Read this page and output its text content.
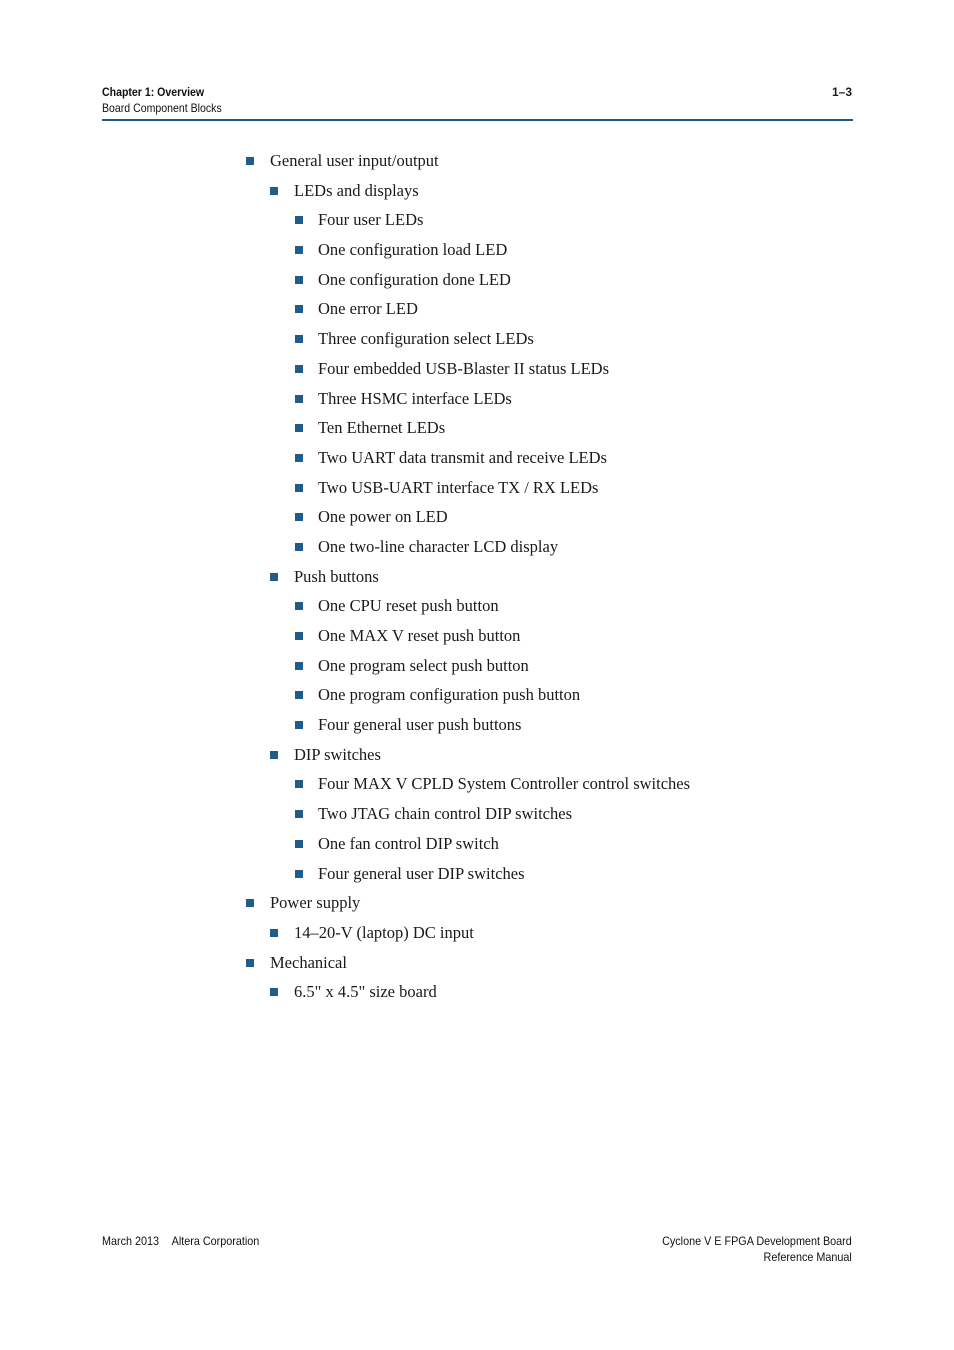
Chapter 1: Overview
Board Component Blocks
1–3
General user input/output
LEDs and displays
Four user LEDs
One configuration load LED
One configuration done LED
One error LED
Three configuration select LEDs
Four embedded USB-Blaster II status LEDs
Three HSMC interface LEDs
Ten Ethernet LEDs
Two UART data transmit and receive LEDs
Two USB-UART interface TX / RX LEDs
One power on LED
One two-line character LCD display
Push buttons
One CPU reset push button
One MAX V reset push button
One program select push button
One program configuration push button
Four general user push buttons
DIP switches
Four MAX V CPLD System Controller control switches
Two JTAG chain control DIP switches
One fan control DIP switch
Four general user DIP switches
Power supply
14–20-V (laptop) DC input
Mechanical
6.5" x 4.5" size board
March 2013 Altera Corporation	Cyclone V E FPGA Development Board
Reference Manual
